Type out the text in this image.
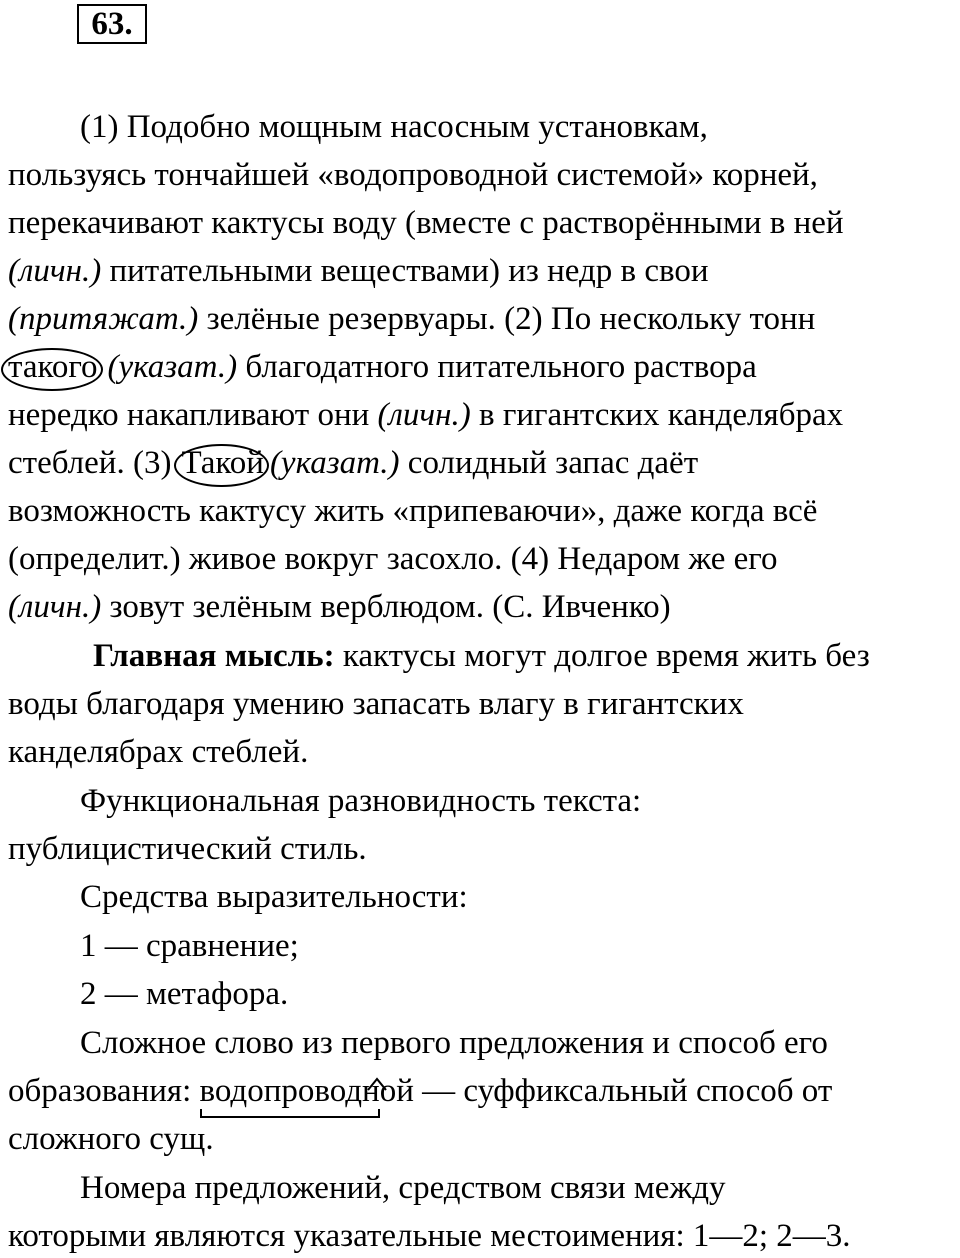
63.
(1) Подобно мощным насосным установкам,
пользуясь тончайшей «водопроводной системой» корней,
перекачивают кактусы воду (вместе с растворёнными в ней
(личн.) питательными веществами) из недр в свои
(притяжат.) зелёные резервуары. (2) По нескольку тонн
такого (указат.) благодатного питательного раствора
нередко накапливают они (личн.) в гигантских канделябрах
стеблей. (3) Такой (указат.) солидный запас даёт
возможность кактусу жить «припеваючи», даже когда всё
(определит.) живое вокруг засохло. (4) Недаром же его
(личн.) зовут зелёным верблюдом. (С. Ивченко)
Главная мысль: кактусы могут долгое время жить без
воды благодаря умению запасать влагу в гигантских
канделябрах стеблей.
Функциональная разновидность текста:
публицистический стиль.
Средства выразительности:
1 — сравнение;
2 — метафора.
Сложное слово из первого предложения и способ его
образования: водопроводн
ой — суффиксальный способ от
сложного сущ.
Номера предложений, средством связи между
которыми являются указательные местоимения: 1—2; 2—3.
